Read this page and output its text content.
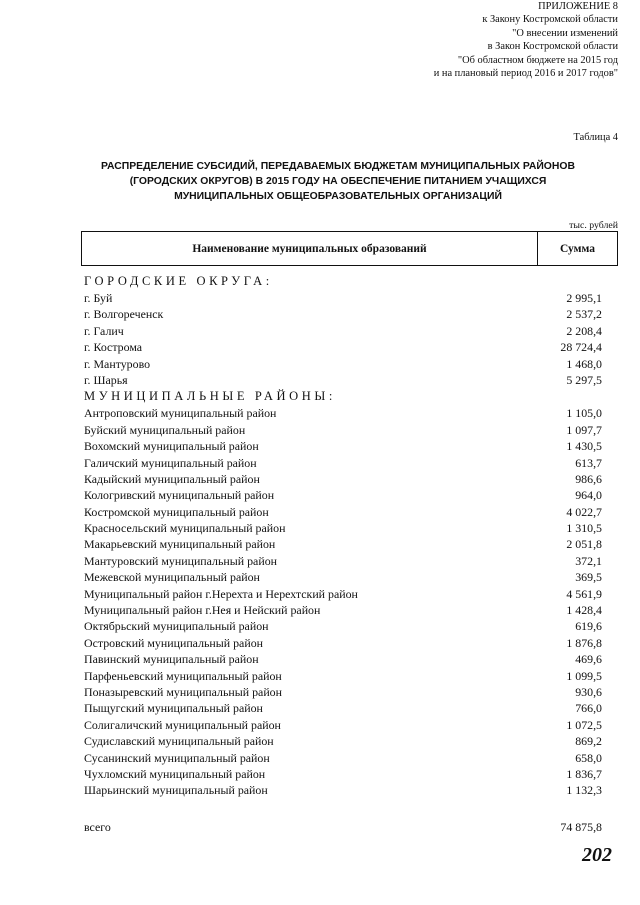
ПРИЛОЖЕНИЕ 8
к Закону Костромской области
"О внесении изменений
в Закон Костромской области
"Об областном бюджете на 2015 год
и на плановый период 2016 и 2017 годов"
Таблица 4
РАСПРЕДЕЛЕНИЕ СУБСИДИЙ, ПЕРЕДАВАЕМЫХ БЮДЖЕТАМ МУНИЦИПАЛЬНЫХ РАЙОНОВ
(ГОРОДСКИХ ОКРУГОВ) В 2015 ГОДУ НА ОБЕСПЕЧЕНИЕ ПИТАНИЕМ УЧАЩИХСЯ
МУНИЦИПАЛЬНЫХ ОБЩЕОБРАЗОВАТЕЛЬНЫХ ОРГАНИЗАЦИЙ
тыс. рублей
Наименование муниципальных образований	Сумма
ГОРОДСКИЕ ОКРУГА:
г. Буй	2 995,1
г. Волгореченск	2 537,2
г. Галич	2 208,4
г. Кострома	28 724,4
г. Мантурово	1 468,0
г. Шарья	5 297,5
МУНИЦИПАЛЬНЫЕ РАЙОНЫ:
Антроповский муниципальный район	1 105,0
Буйский муниципальный район	1 097,7
Вохомский муниципальный район	1 430,5
Галичский муниципальный район	613,7
Кадыйский муниципальный район	986,6
Кологривский муниципальный район	964,0
Костромской муниципальный район	4 022,7
Красносельский муниципальный район	1 310,5
Макарьевский муниципальный район	2 051,8
Мантуровский муниципальный район	372,1
Межевской муниципальный район	369,5
Муниципальный район г.Нерехта и Нерехтский район	4 561,9
Муниципальный район г.Нея и Нейский район	1 428,4
Октябрьский муниципальный район	619,6
Островский муниципальный район	1 876,8
Павинский муниципальный район	469,6
Парфеньевский муниципальный район	1 099,5
Поназыревский муниципальный район	930,6
Пыщугский муниципальный район	766,0
Солигаличский муниципальный район	1 072,5
Судиславский муниципальный район	869,2
Сусанинский муниципальный район	658,0
Чухломский муниципальный район	1 836,7
Шарьинский муниципальный район	1 132,3
всего	74 875,8
202
